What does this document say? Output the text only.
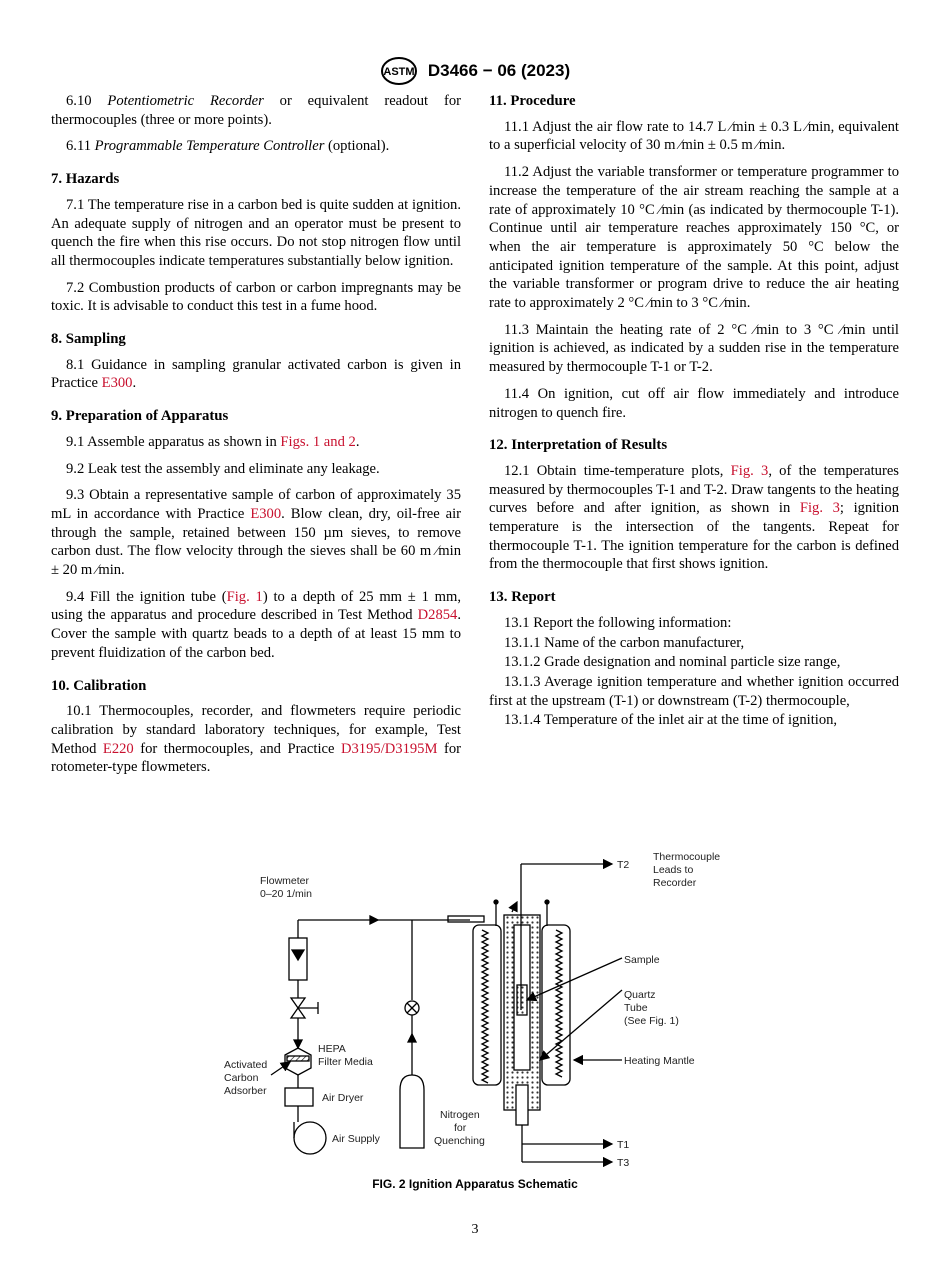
ASTM D3466 − 06 (2023)

6.10 Potentiometric Recorder or equivalent readout for thermocouples (three or more points).

6.11 Programmable Temperature Controller (optional).

7. Hazards

7.1 The temperature rise in a carbon bed is quite sudden at ignition. An adequate supply of nitrogen and an operator must be present to quench the fire when this rise occurs. Do not stop nitrogen flow until all thermocouples indicate temperatures substantially below ignition.

7.2 Combustion products of carbon or carbon impregnants may be toxic. It is advisable to conduct this test in a fume hood.

8. Sampling

8.1 Guidance in sampling granular activated carbon is given in Practice E300.

9. Preparation of Apparatus

9.1 Assemble apparatus as shown in Figs. 1 and 2.

9.2 Leak test the assembly and eliminate any leakage.

9.3 Obtain a representative sample of carbon of approximately 35 mL in accordance with Practice E300. Blow clean, dry, oil-free air through the sample, retained between 150 µm sieves, to remove carbon dust. The flow velocity through the sieves shall be 60 m ⁄min ± 20 m ⁄min.

9.4 Fill the ignition tube (Fig. 1) to a depth of 25 mm ± 1 mm, using the apparatus and procedure described in Test Method D2854. Cover the sample with quartz beads to a depth of at least 15 mm to prevent fluidization of the carbon bed.

10. Calibration

10.1 Thermocouples, recorder, and flowmeters require periodic calibration by standard laboratory techniques, for example, Test Method E220 for thermocouples, and Practice D3195/D3195M for rotometer-type flowmeters.

11. Procedure

11.1 Adjust the air flow rate to 14.7 L ⁄min ± 0.3 L ⁄min, equivalent to a superficial velocity of 30 m ⁄min ± 0.5 m ⁄min.

11.2 Adjust the variable transformer or temperature programmer to increase the temperature of the air stream reaching the sample at a rate of approximately 10 °C ⁄min (as indicated by thermocouple T-1). Continue until air temperature reaches approximately 150 °C, or when the air temperature is approximately 50 °C below the anticipated ignition temperature of the sample. At this point, adjust the variable transformer or program drive to reduce the air heating rate to approximately 2 °C ⁄min to 3 °C ⁄min.

11.3 Maintain the heating rate of 2 °C ⁄min to 3 °C ⁄min until ignition is achieved, as indicated by a sudden rise in the temperature measured by thermocouple T-1 or T-2.

11.4 On ignition, cut off air flow immediately and introduce nitrogen to quench fire.

12. Interpretation of Results

12.1 Obtain time-temperature plots, Fig. 3, of the temperatures measured by thermocouples T-1 and T-2. Draw tangents to the heating curves before and after ignition, as shown in Fig. 3; ignition temperature is the intersection of the tangents. Repeat for thermocouple T-1. The ignition temperature for the carbon is defined from the thermocouple that first shows ignition.

13. Report

13.1 Report the following information:

13.1.1 Name of the carbon manufacturer,

13.1.2 Grade designation and nominal particle size range,

13.1.3 Average ignition temperature and whether ignition occurred first at the upstream (T-1) or downstream (T-2) thermocouple,

13.1.4 Temperature of the inlet air at the time of ignition,

Flowmeter
0–20 1/min
Thermocouple
Leads to
Recorder
T2
Sample
Quartz
Tube
(See Fig. 1)
Heating Mantle
HEPA
Filter Media
Activated
Carbon
Adsorber
Air Dryer
Air Supply
Nitrogen
for
Quenching	T1
T3
FIG. 2 Ignition Apparatus Schematic
3
